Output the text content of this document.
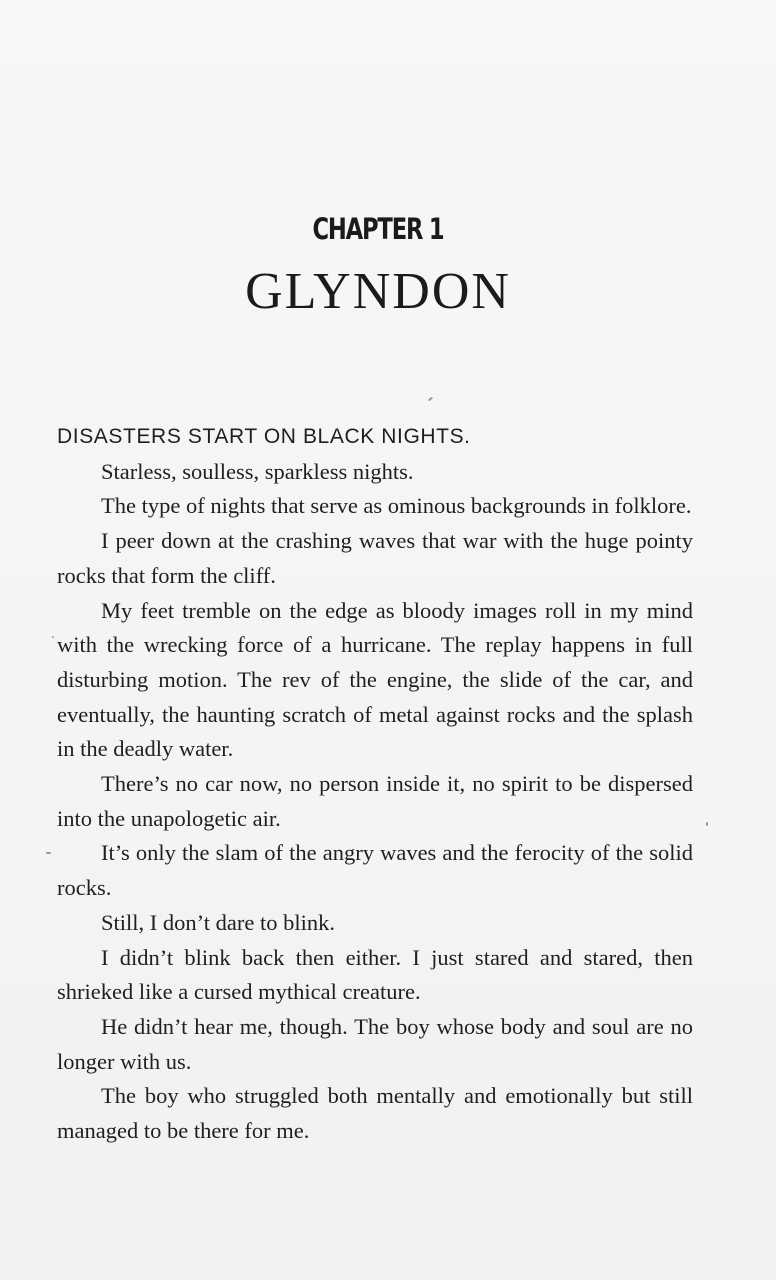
CHAPTER 1
GLYNDON

DISASTERS START ON BLACK NIGHTS.

Starless, soulless, sparkless nights.

The type of nights that serve as ominous backgrounds in folklore.

I peer down at the crashing waves that war with the huge pointy rocks that form the cliff.

My feet tremble on the edge as bloody images roll in my mind with the wrecking force of a hurricane. The replay happens in full disturbing motion. The rev of the engine, the slide of the car, and eventually, the haunting scratch of metal against rocks and the splash in the deadly water.

There’s no car now, no person inside it, no spirit to be dispersed into the unapologetic air.

It’s only the slam of the angry waves and the ferocity of the solid rocks.

Still, I don’t dare to blink.

I didn’t blink back then either. I just stared and stared, then shrieked like a cursed mythical creature.

He didn’t hear me, though. The boy whose body and soul are no longer with us.

The boy who struggled both mentally and emotionally but still managed to be there for me.
